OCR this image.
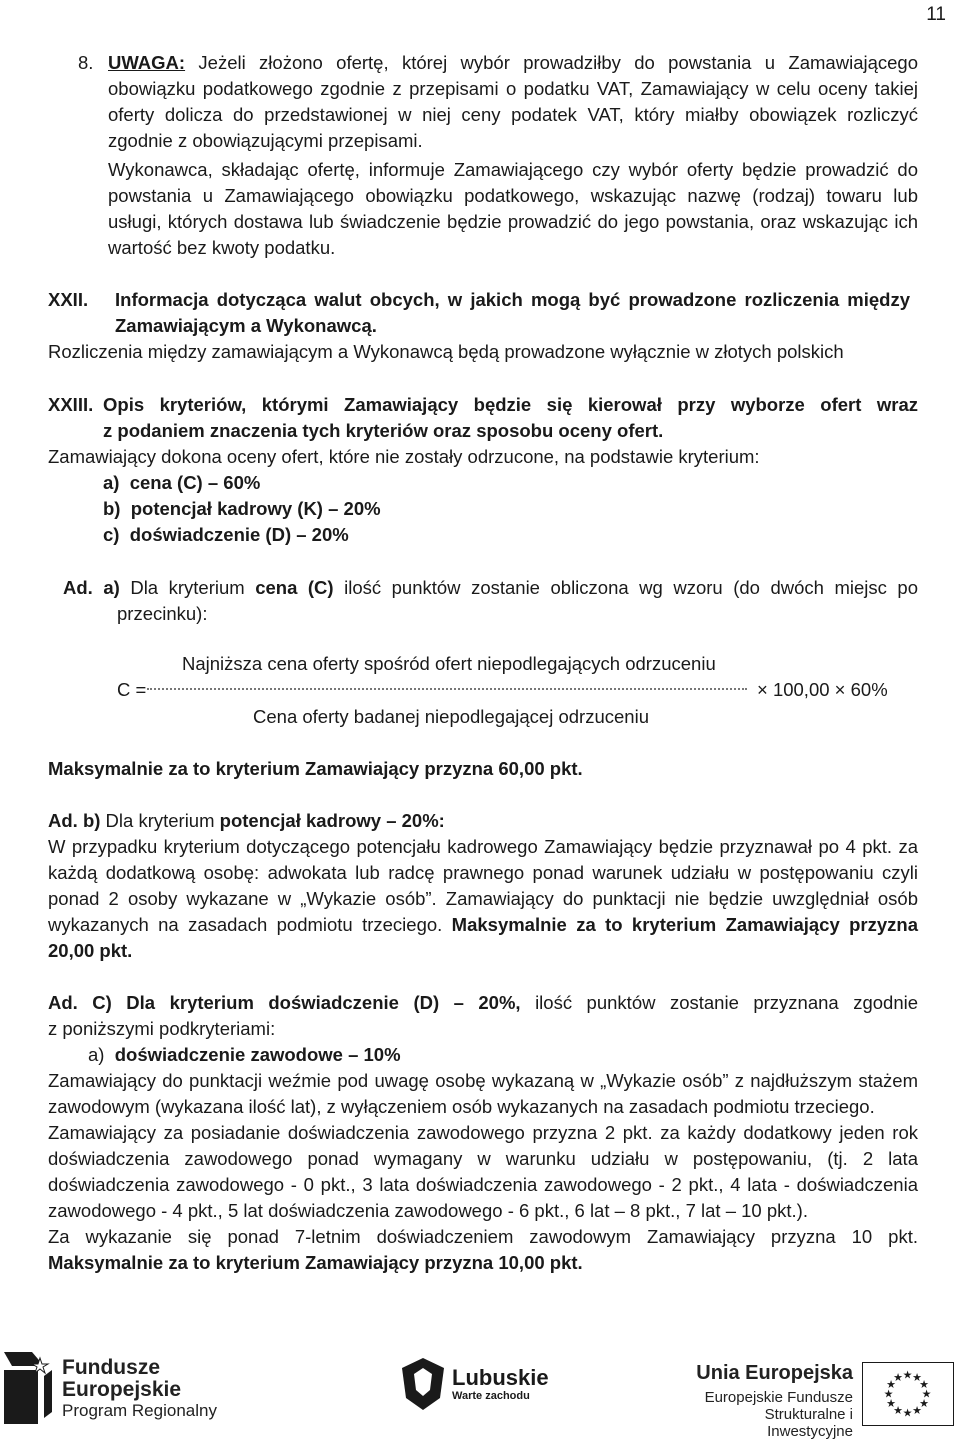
11
8. UWAGA: Jeżeli złożono ofertę, której wybór prowadziłby do powstania u Zamawiającego
obowiązku podatkowego zgodnie z przepisami o podatku VAT, Zamawiający w celu oceny takiej
oferty dolicza do przedstawionej w niej ceny podatek VAT, który miałby obowiązek rozliczyć
zgodnie z obowiązującymi przepisami.
Wykonawca, składając ofertę, informuje Zamawiającego czy wybór oferty będzie prowadzić do
powstania u Zamawiającego obowiązku podatkowego, wskazując nazwę (rodzaj) towaru lub
usługi, których dostawa lub świadczenie będzie prowadzić do jego powstania, oraz wskazując ich
wartość bez kwoty podatku.
XXII. Informacja dotycząca walut obcych, w jakich mogą być prowadzone rozliczenia między
Zamawiającym a Wykonawcą.
Rozliczenia między zamawiającym a Wykonawcą będą prowadzone wyłącznie w złotych polskich
XXIII. Opis kryteriów, którymi Zamawiający będzie się kierował przy wyborze ofert wraz
z podaniem znaczenia tych kryteriów oraz sposobu oceny ofert.
Zamawiający dokona oceny ofert, które nie zostały odrzucone, na podstawie kryterium:
a)  cena (C) – 60%
b)  potencjał kadrowy (K) – 20%
c)  doświadczenie (D) – 20%
Ad. a) Dla kryterium cena (C) ilość punktów zostanie obliczona wg wzoru (do dwóch miejsc po
przecinku):
Najniższa cena oferty spośród ofert niepodlegających odrzuceniu
C =	× 100,00 × 60%
Cena oferty badanej niepodlegającej odrzuceniu
Maksymalnie za to kryterium Zamawiający przyzna 60,00 pkt.
Ad. b) Dla kryterium potencjał kadrowy – 20%:
W przypadku kryterium dotyczącego potencjału kadrowego Zamawiający będzie przyznawał po 4 pkt. za
każdą dodatkową osobę: adwokata lub radcę prawnego ponad warunek udziału w postępowaniu czyli
ponad 2 osoby wykazane w „Wykazie osób”. Zamawiający do punktacji nie będzie uwzględniał osób
wykazanych na zasadach podmiotu trzeciego. Maksymalnie za to kryterium Zamawiający przyzna
20,00 pkt.
Ad. C) Dla kryterium doświadczenie (D) – 20%, ilość punktów zostanie przyznana zgodnie
z poniższymi podkryteriami:
a) doświadczenie zawodowe – 10%
Zamawiający do punktacji weźmie pod uwagę osobę wykazaną w „Wykazie osób” z najdłuższym stażem
zawodowym (wykazana ilość lat), z wyłączeniem osób wykazanych na zasadach podmiotu trzeciego.
Zamawiający za posiadanie doświadczenia zawodowego przyzna 2 pkt. za każdy dodatkowy jeden rok
doświadczenia zawodowego ponad wymagany w warunku udziału w postępowaniu, (tj. 2 lata
doświadczenia zawodowego - 0 pkt., 3 lata doświadczenia zawodowego - 2 pkt., 4 lata - doświadczenia
zawodowego - 4 pkt., 5 lat doświadczenia zawodowego - 6 pkt., 6 lat – 8 pkt., 7 lat – 10 pkt.).
Za wykazanie się ponad 7-letnim doświadczeniem zawodowym Zamawiający przyzna 10 pkt.
Maksymalnie za to kryterium Zamawiający przyzna 10,00 pkt.
Fundusze
Europejskie
Program Regionalny
Lubuskie
Warte zachodu
Unia Europejska
Europejskie Fundusze
Strukturalne i Inwestycyjne
★ ★
★
★
★
★
★
★
★
★
★
★
